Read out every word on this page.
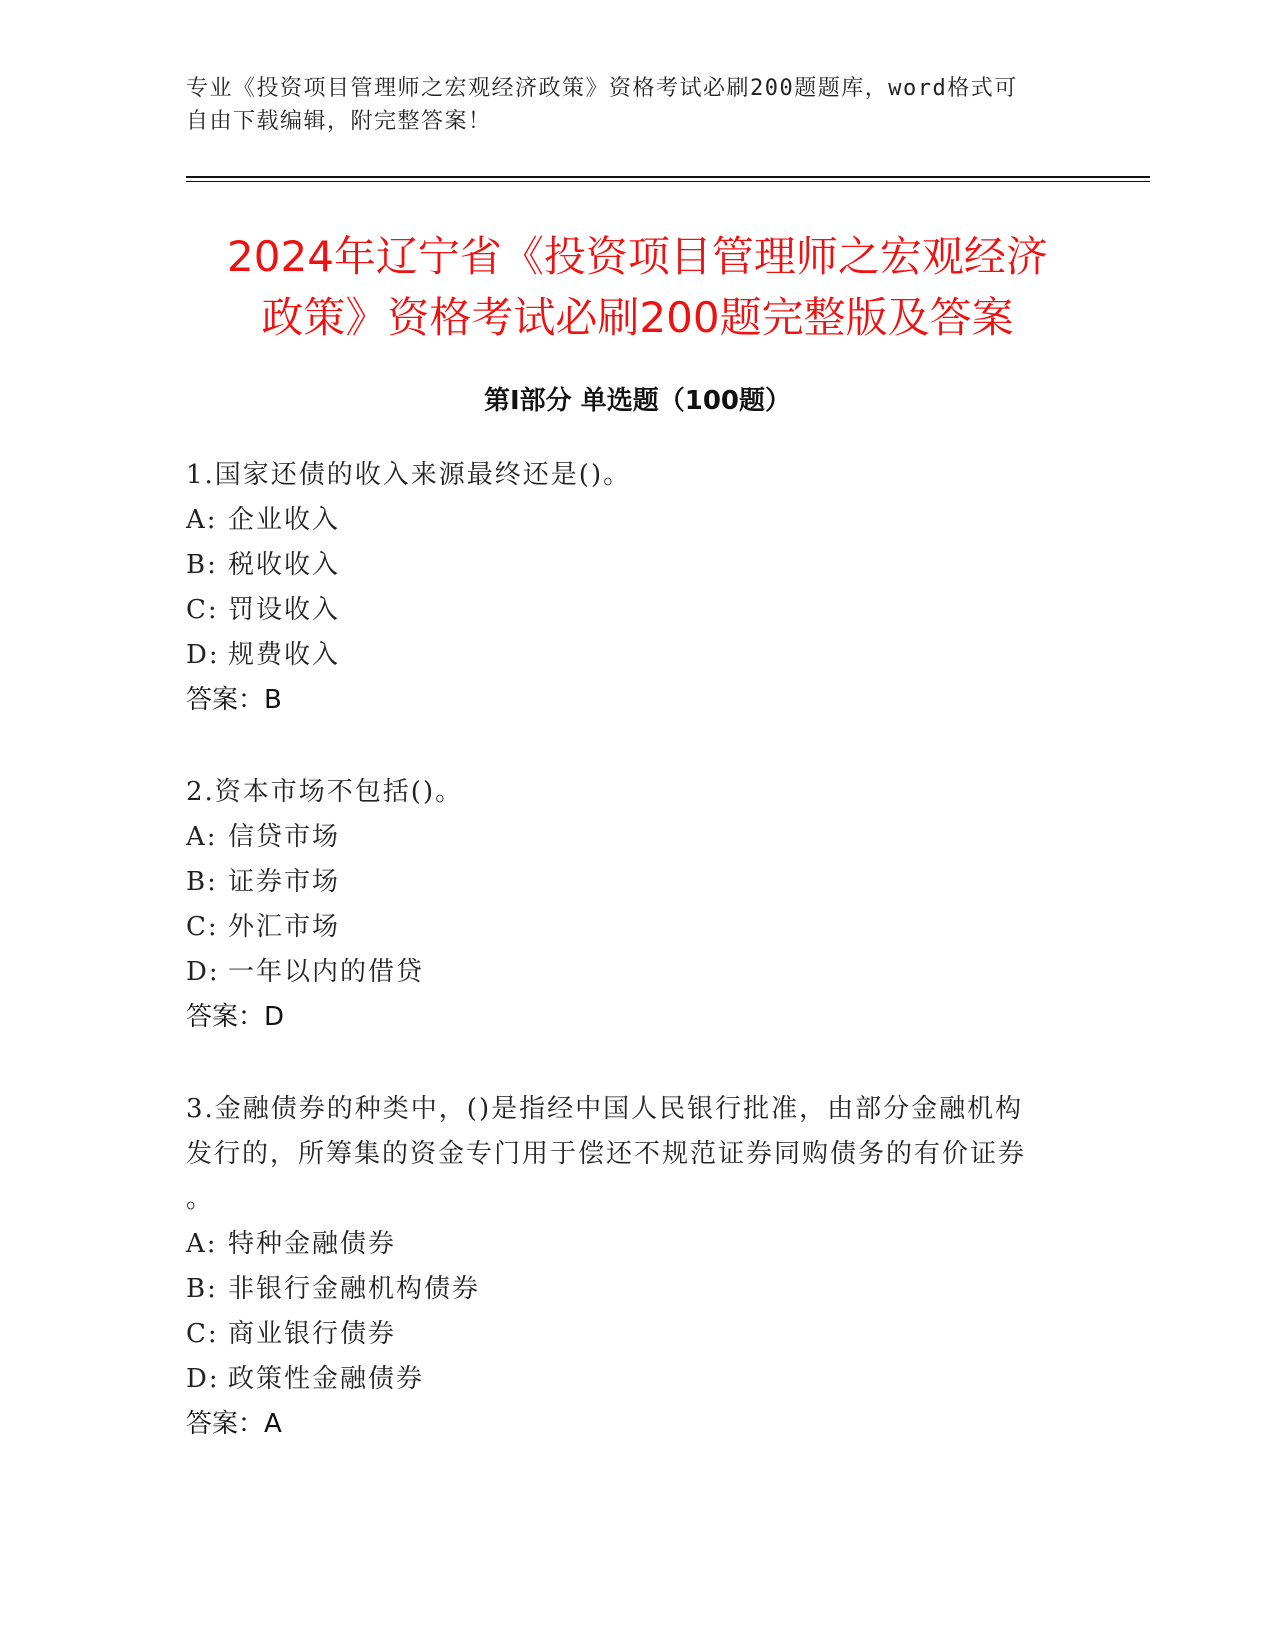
专业《投资项目管理师之宏观经济政策》资格考试必刷200题题库，word格式可
自由下载编辑，附完整答案！
2024年辽宁省《投资项目管理师之宏观经济
政策》资格考试必刷200题完整版及答案
第I部分 单选题（100题）

1.国家还债的收入来源最终还是()。

A: 企业收入

B: 税收收入

C: 罚设收入

D: 规费收入

答案：B

2.资本市场不包括()。

A: 信贷市场

B: 证券市场

C: 外汇市场

D: 一年以内的借贷

答案：D

3.金融债券的种类中，()是指经中国人民银行批准，由部分金融机构

发行的，所筹集的资金专门用于偿还不规范证券同购债务的有价证券

。

A: 特种金融债券

B: 非银行金融机构债券

C: 商业银行债券

D: 政策性金融债券

答案：A
